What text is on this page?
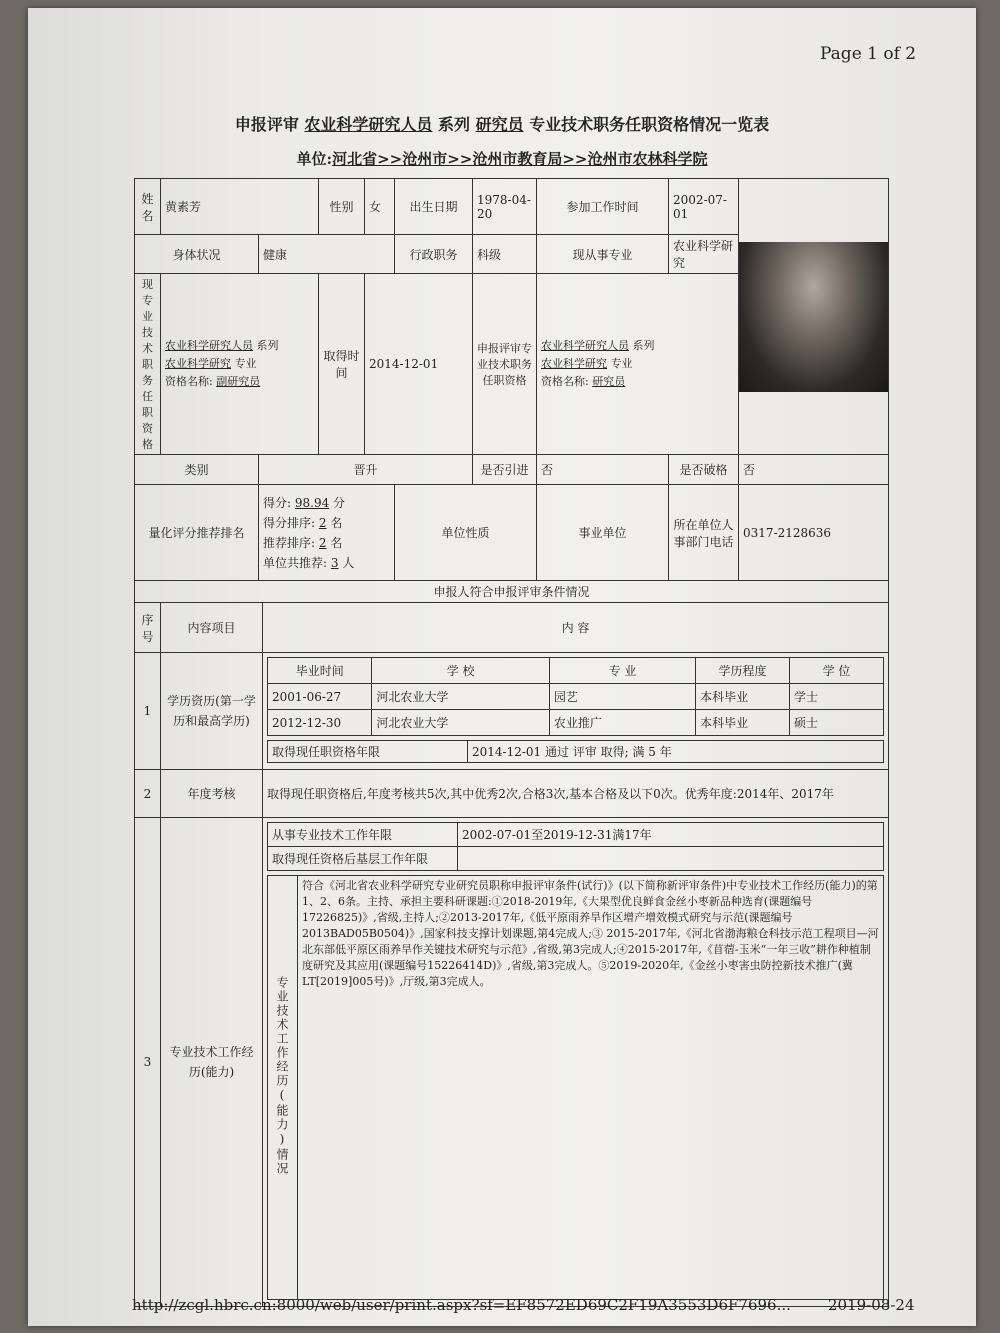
Page 1 of 2
申报评审 农业科学研究人员 系列 研究员 专业技术职务任职资格情况一览表
单位:河北省>>沧州市>>沧州市教育局>>沧州市农林科学院
姓名	黄素芳		性别	女	出生日期	1978-04-20	参加工作时间	2002-07-01	

身体状况		健康			行政职务	科级	现从事专业	农业科学研究	
现专业技术职务任职资格	农业科学研究人员 系列
农业科学研究 专业
资格名称: 副研究员		取得时间	2014-12-01		申报评审专业技术职务任职资格	农业科学研究人员 系列
农业科学研究 专业
资格名称: 研究员		
类别		晋升				是否引进	否	是否破格	否
量化评分推荐排名		得分: 98.94 分
得分排序: 2 名
推荐排序: 2 名
单位共推荐: 3 人			单位性质		事业单位	所在单位人事部门电话	0317-2128636
申报人符合申报评审条件情况									
序号	内容项目	内 容
1	学历资历(第一学历和最高学历)	
毕业时间	学 校	专 业	学历程度	学 位
2001-06-27	河北农业大学	园艺	本科毕业	学士
2012-12-30	河北农业大学	农业推广	本科毕业	硕士
取得现任职资格年限	2014-12-01 通过 评审 取得; 满 5 年

2	年度考核	取得现任职资格后,年度考核共5次,其中优秀2次,合格3次,基本合格及以下0次。优秀年度:2014年、2017年
3	专业技术工作经历(能力)	
从事专业技术工作年限	2002-07-01至2019-12-31满17年
取得现任资格后基层工作年限	
专业技术工作经历(能力)情况	符合《河北省农业科学研究专业研究员职称申报评审条件(试行)》(以下简称新评审条件)中专业技术工作经历(能力)的第1、2、6条。主持、承担主要科研课题:①2018-2019年,《大果型优良鲜食金丝小枣新品种选育(课题编号17226825)》,省级,主持人;②2013-2017年,《低平原雨养旱作区增产增效模式研究与示范(课题编号2013BAD05B0504)》,国家科技支撑计划课题,第4完成人;③ 2015-2017年,《河北省渤海粮仓科技示范工程项目—河北东部低平原区雨养旱作关键技术研究与示范》,省级,第3完成人;④2015-2017年,《苜蓿-玉米“一年三收”耕作种植制度研究及其应用(课题编号15226414D)》,省级,第3完成人。⑤2019-2020年,《金丝小枣害虫防控新技术推广(冀LT[2019]005号)》,厅级,第3完成人。
http://zcgl.hbrc.cn:8000/web/user/print.aspx?sf=EF8572ED69C2F19A3553D6F7696... 2019-08-24
